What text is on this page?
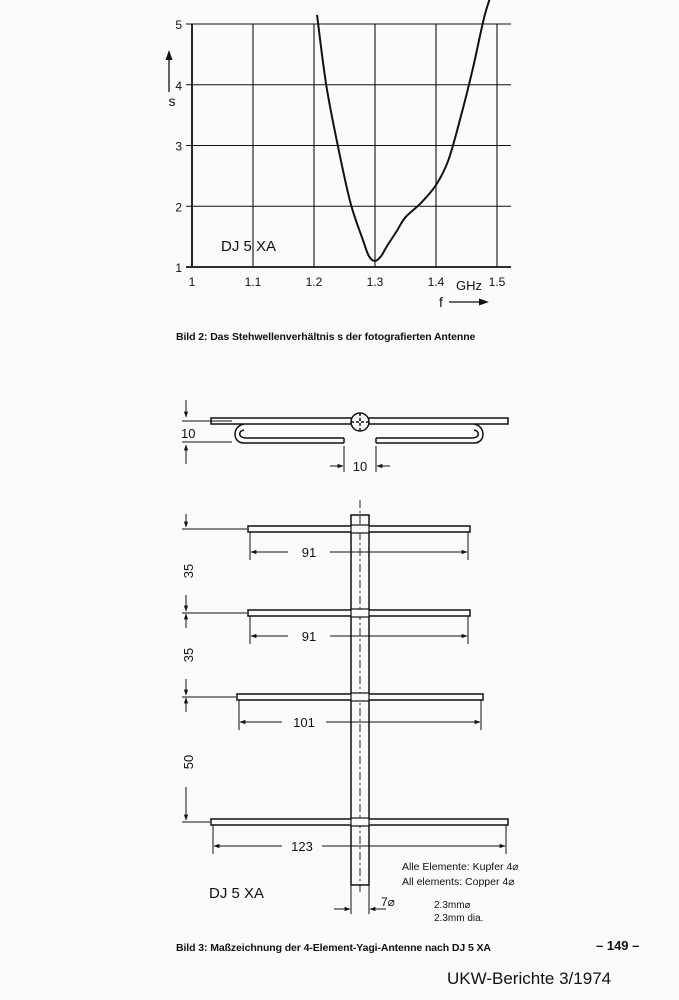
1	1.1	1.2	1.3	1.4	1.5
1
2
3
4
5
s
GHz
f
DJ 5 XA
Bild 2: Das Stehwellenverhältnis s der fotografierten Antenne
10
10
91
91
101
123
35
35
50
7⌀
DJ 5 XA
Alle Elemente: Kupfer 4⌀
All elements: Copper 4⌀
2.3mm⌀
2.3mm dia.
Bild 3: Maßzeichnung der 4-Element-Yagi-Antenne nach DJ 5 XA	– 149 –
UKW-Berichte 3/1974
